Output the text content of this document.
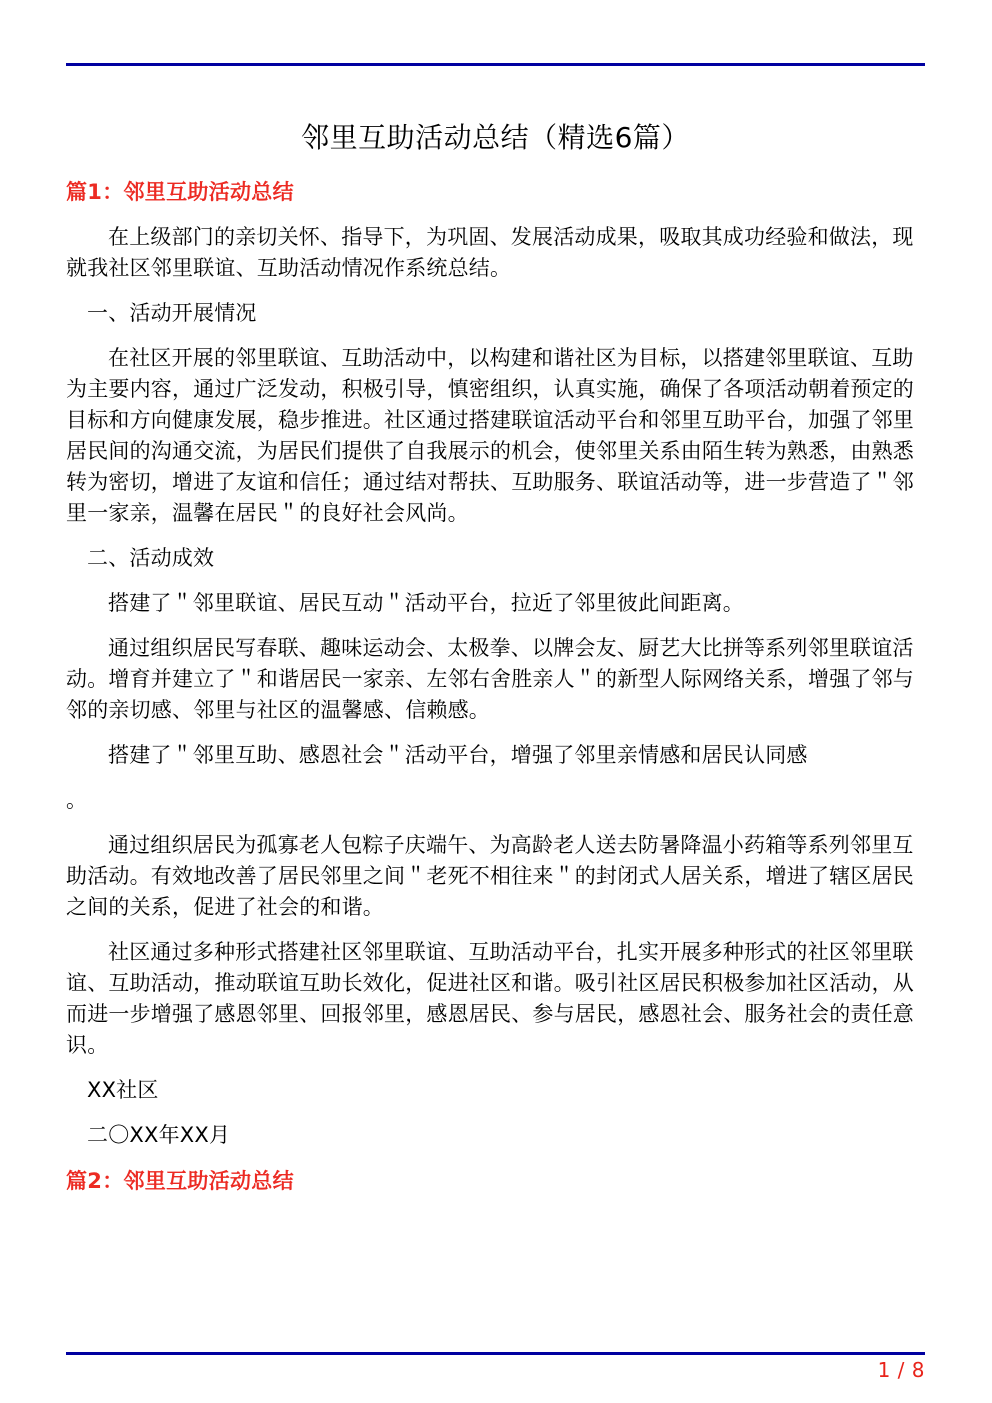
邻里互助活动总结（精选6篇）
篇1：邻里互助活动总结

在上级部门的亲切关怀、指导下，为巩固、发展活动成果，吸取其成功经验和做法，现就我社区邻里联谊、互助活动情况作系统总结。

一、活动开展情况

在社区开展的邻里联谊、互助活动中，以构建和谐社区为目标，以搭建邻里联谊、互助为主要内容，通过广泛发动，积极引导，慎密组织，认真实施，确保了各项活动朝着预定的目标和方向健康发展，稳步推进。社区通过搭建联谊活动平台和邻里互助平台，加强了邻里居民间的沟通交流，为居民们提供了自我展示的机会，使邻里关系由陌生转为熟悉，由熟悉转为密切，增进了友谊和信任；通过结对帮扶、互助服务、联谊活动等，进一步营造了＂邻里一家亲，温馨在居民＂的良好社会风尚。

二、活动成效

搭建了＂邻里联谊、居民互动＂活动平台，拉近了邻里彼此间距离。

通过组织居民写春联、趣味运动会、太极拳、以牌会友、厨艺大比拼等系列邻里联谊活动。增育并建立了＂和谐居民一家亲、左邻右舍胜亲人＂的新型人际网络关系，增强了邻与邻的亲切感、邻里与社区的温馨感、信赖感。

搭建了＂邻里互助、感恩社会＂活动平台，增强了邻里亲情感和居民认同感

。

通过组织居民为孤寡老人包粽子庆端午、为高龄老人送去防暑降温小药箱等系列邻里互助活动。有效地改善了居民邻里之间＂老死不相往来＂的封闭式人居关系，增进了辖区居民之间的关系，促进了社会的和谐。

社区通过多种形式搭建社区邻里联谊、互助活动平台，扎实开展多种形式的社区邻里联谊、互助活动，推动联谊互助长效化，促进社区和谐。吸引社区居民积极参加社区活动，从而进一步增强了感恩邻里、回报邻里，感恩居民、参与居民，感恩社会、服务社会的责任意识。

XX社区

二〇XX年XX月

篇2：邻里互助活动总结
1 / 8
